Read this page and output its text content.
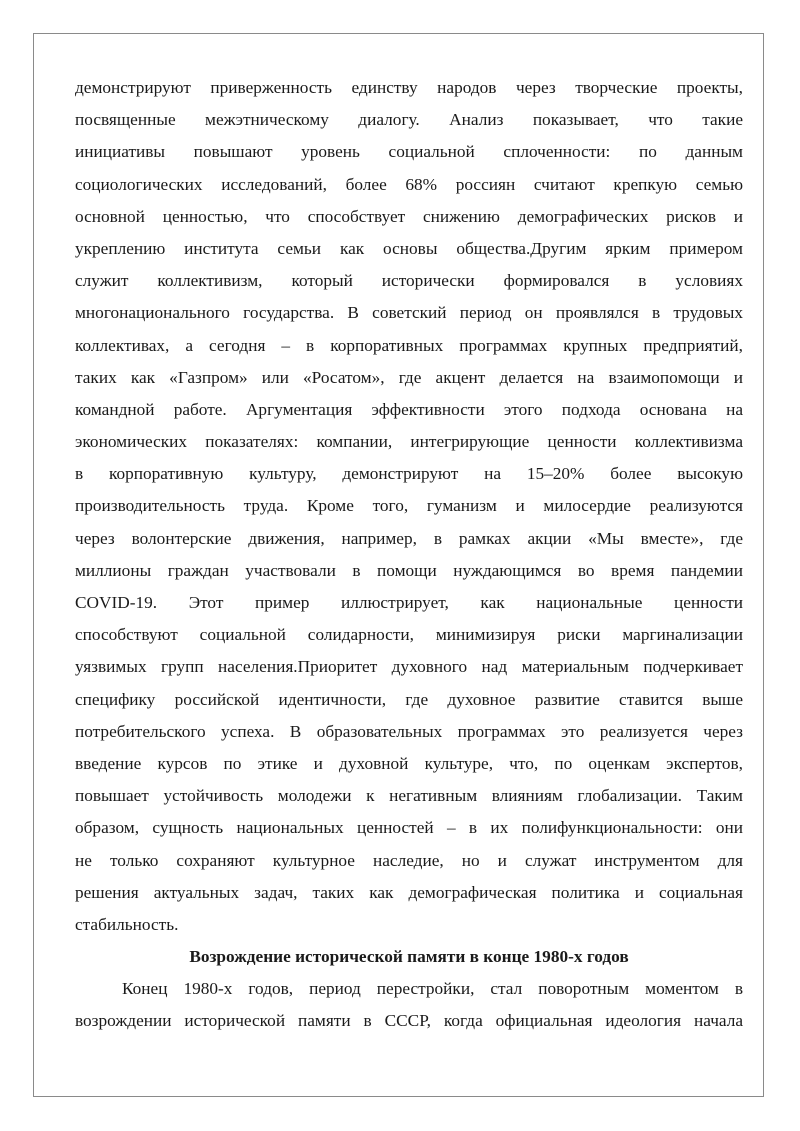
демонстрируют приверженность единству народов через творческие проекты,
посвященные межэтническому диалогу. Анализ показывает, что такие
инициативы повышают уровень социальной сплоченности: по данным
социологических исследований, более 68% россиян считают крепкую семью
основной ценностью, что способствует снижению демографических рисков и
укреплению института семьи как основы общества.Другим ярким примером
служит коллективизм, который исторически формировался в условиях
многонационального государства. В советский период он проявлялся в трудовых
коллективах, а сегодня – в корпоративных программах крупных предприятий,
таких как «Газпром» или «Росатом», где акцент делается на взаимопомощи и
командной работе. Аргументация эффективности этого подхода основана на
экономических показателях: компании, интегрирующие ценности коллективизма
в корпоративную культуру, демонстрируют на 15–20% более высокую
производительность труда. Кроме того, гуманизм и милосердие реализуются
через волонтерские движения, например, в рамках акции «Мы вместе», где
миллионы граждан участвовали в помощи нуждающимся во время пандемии
COVID-19. Этот пример иллюстрирует, как национальные ценности
способствуют социальной солидарности, минимизируя риски маргинализации
уязвимых групп населения.Приоритет духовного над материальным подчеркивает
специфику российской идентичности, где духовное развитие ставится выше
потребительского успеха. В образовательных программах это реализуется через
введение курсов по этике и духовной культуре, что, по оценкам экспертов,
повышает устойчивость молодежи к негативным влияниям глобализации. Таким
образом, сущность национальных ценностей – в их полифункциональности: они
не только сохраняют культурное наследие, но и служат инструментом для
решения актуальных задач, таких как демографическая политика и социальная
стабильность.
Возрождение исторической памяти в конце 1980-х годов
Конец 1980-х годов, период перестройки, стал поворотным моментом в
возрождении исторической памяти в СССР, когда официальная идеология начала
